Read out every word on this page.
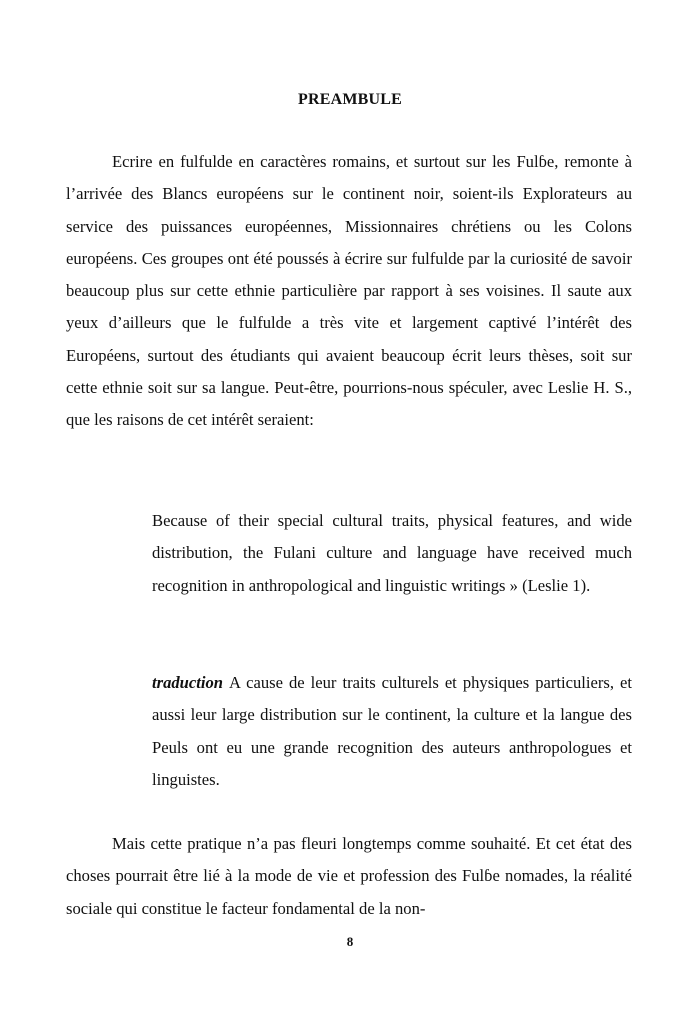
PREAMBULE

Ecrire en fulfulde en caractères romains, et surtout sur les Fulɓe, remonte à l’arrivée des Blancs européens sur le continent noir, soient-ils Explorateurs au service des puissances européennes, Missionnaires chrétiens ou les Colons européens. Ces groupes ont été poussés à écrire sur fulfulde par la curiosité de savoir beaucoup plus sur cette ethnie particulière par rapport à ses voisines. Il saute aux yeux d’ailleurs que le fulfulde a très vite et largement captivé l’intérêt des Européens, surtout des étudiants qui avaient beaucoup écrit leurs thèses, soit sur cette ethnie soit sur sa langue. Peut-être, pourrions-nous spéculer, avec Leslie H. S., que les raisons de cet intérêt seraient:

Because of their special cultural traits, physical features, and wide distribution, the Fulani culture and language have received much recognition in anthropological and linguistic writings » (Leslie 1).

traduction A cause de leur traits culturels et physiques particuliers, et aussi leur large distribution sur le continent, la culture et la langue des Peuls ont eu une grande recognition des auteurs anthropologues et linguistes.

Mais cette pratique n’a pas fleuri longtemps comme souhaité. Et cet état des choses pourrait être lié à la mode de vie et profession des Fulɓe nomades, la réalité sociale qui constitue le facteur fondamental de la non-

8
